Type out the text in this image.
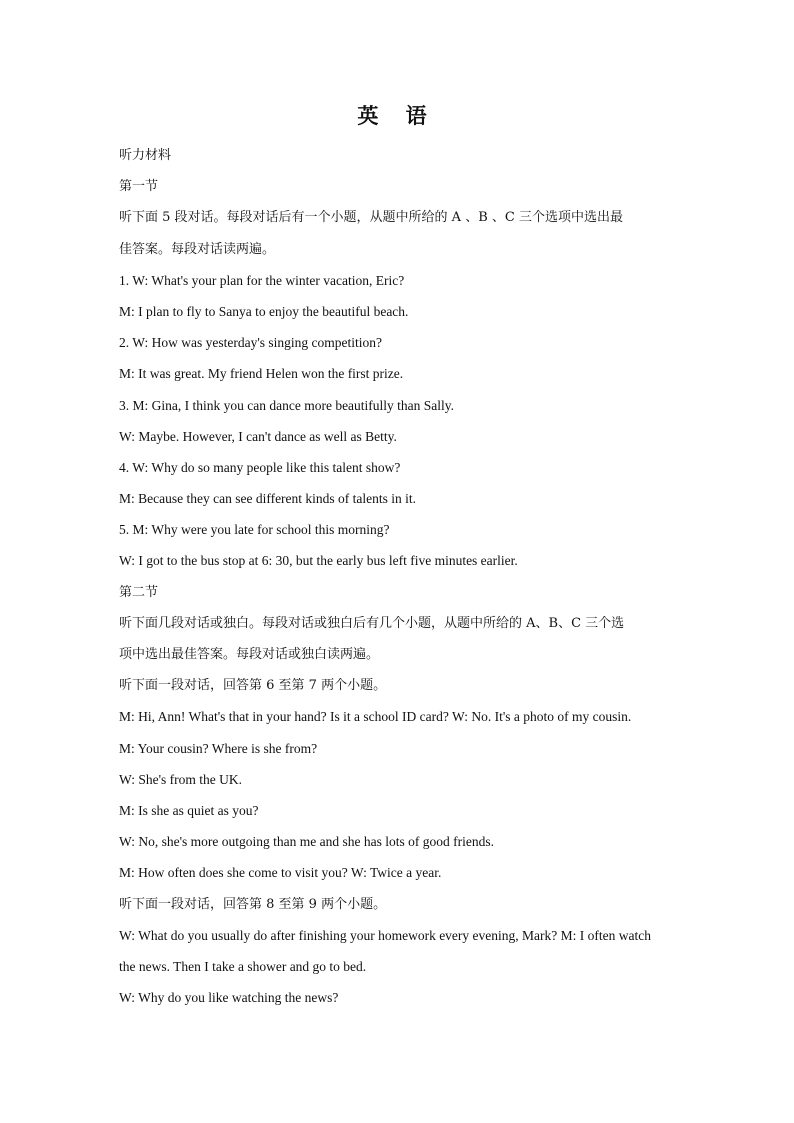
英 语
听力材料
第一节
听下面 5 段对话。每段对话后有一个小题，从题中所给的 A 、B 、C 三个选项中选出最
佳答案。每段对话读两遍。
1. W: What's your plan for the winter vacation, Eric?
M: I plan to fly to Sanya to enjoy the beautiful beach.
2. W: How was yesterday's singing competition?
M: It was great. My friend Helen won the first prize.
3. M: Gina, I think you can dance more beautifully than Sally.
W: Maybe. However, I can't dance as well as Betty.
4. W: Why do so many people like this talent show?
M: Because they can see different kinds of talents in it.
5. M: Why were you late for school this morning?
W: I got to the bus stop at 6: 30, but the early bus left five minutes earlier.
第二节
听下面几段对话或独白。每段对话或独白后有几个小题，从题中所给的 A、B、C 三个选
项中选出最佳答案。每段对话或独白读两遍。
听下面一段对话，回答第 6 至第 7 两个小题。
M: Hi, Ann! What's that in your hand? Is it a school ID card? W: No. It's a photo of my cousin.
M: Your cousin? Where is she from?
W: She's from the UK.
M: Is she as quiet as you?
W: No, she's more outgoing than me and she has lots of good friends.
M: How often does she come to visit you? W: Twice a year.
听下面一段对话，回答第 8 至第 9 两个小题。
W: What do you usually do after finishing your homework every evening, Mark? M: I often watch
the news. Then I take a shower and go to bed.
W: Why do you like watching the news?
